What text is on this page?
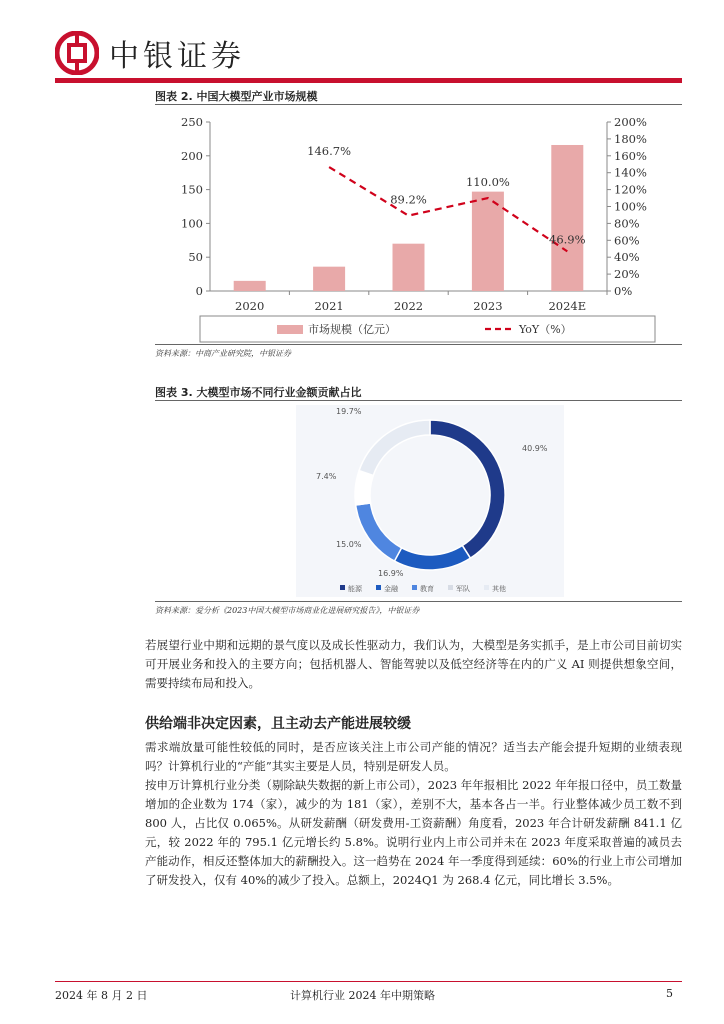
中银证券
图表 2. 中国大模型产业市场规模
0
50
100
150
200
250
0%
20%
40%
60%
80%
100%
120%
140%
160%
180%
200%
2020	2021	2022	2023	2024E
146.7%
89.2%
110.0%
46.9%
市场规模（亿元）	YoY（%）
资料来源：中商产业研究院，中银证券
图表 3. 大模型市场不同行业金额贡献占比
40.9%
16.9%
15.0%
7.4%
19.7%
能源	金融	教育	军队	其他
资料来源：爱分析《2023中国大模型市场商业化进展研究报告》，中银证券
若展望行业中期和远期的景气度以及成长性驱动力，我们认为，大模型是务实抓手，是上市公司目前切实可开展业务和投入的主要方向；包括机器人、智能驾驶以及低空经济等在内的广义 AI 则提供想象空间，需要持续布局和投入。
供给端非决定因素，且主动去产能进展较缓
需求端放量可能性较低的同时，是否应该关注上市公司产能的情况？适当去产能会提升短期的业绩表现吗？计算机行业的“产能”其实主要是人员，特别是研发人员。
按申万计算机行业分类（剔除缺失数据的新上市公司），2023 年年报相比 2022 年年报口径中，员工数量增加的企业数为 174（家），减少的为 181（家），差别不大，基本各占一半。行业整体减少员工数不到 800 人，占比仅 0.065%。从研发薪酬（研发费用-工资薪酬）角度看，2023 年合计研发薪酬 841.1 亿元，较 2022 年的 795.1 亿元增长约 5.8%。说明行业内上市公司并未在 2023 年度采取普遍的减员去产能动作，相反还整体加大的薪酬投入。这一趋势在 2024 年一季度得到延续：60%的行业上市公司增加了研发投入，仅有 40%的减少了投入。总额上，2024Q1 为 268.4 亿元，同比增长 3.5%。
2024 年 8 月 2 日	计算机行业 2024 年中期策略	5
